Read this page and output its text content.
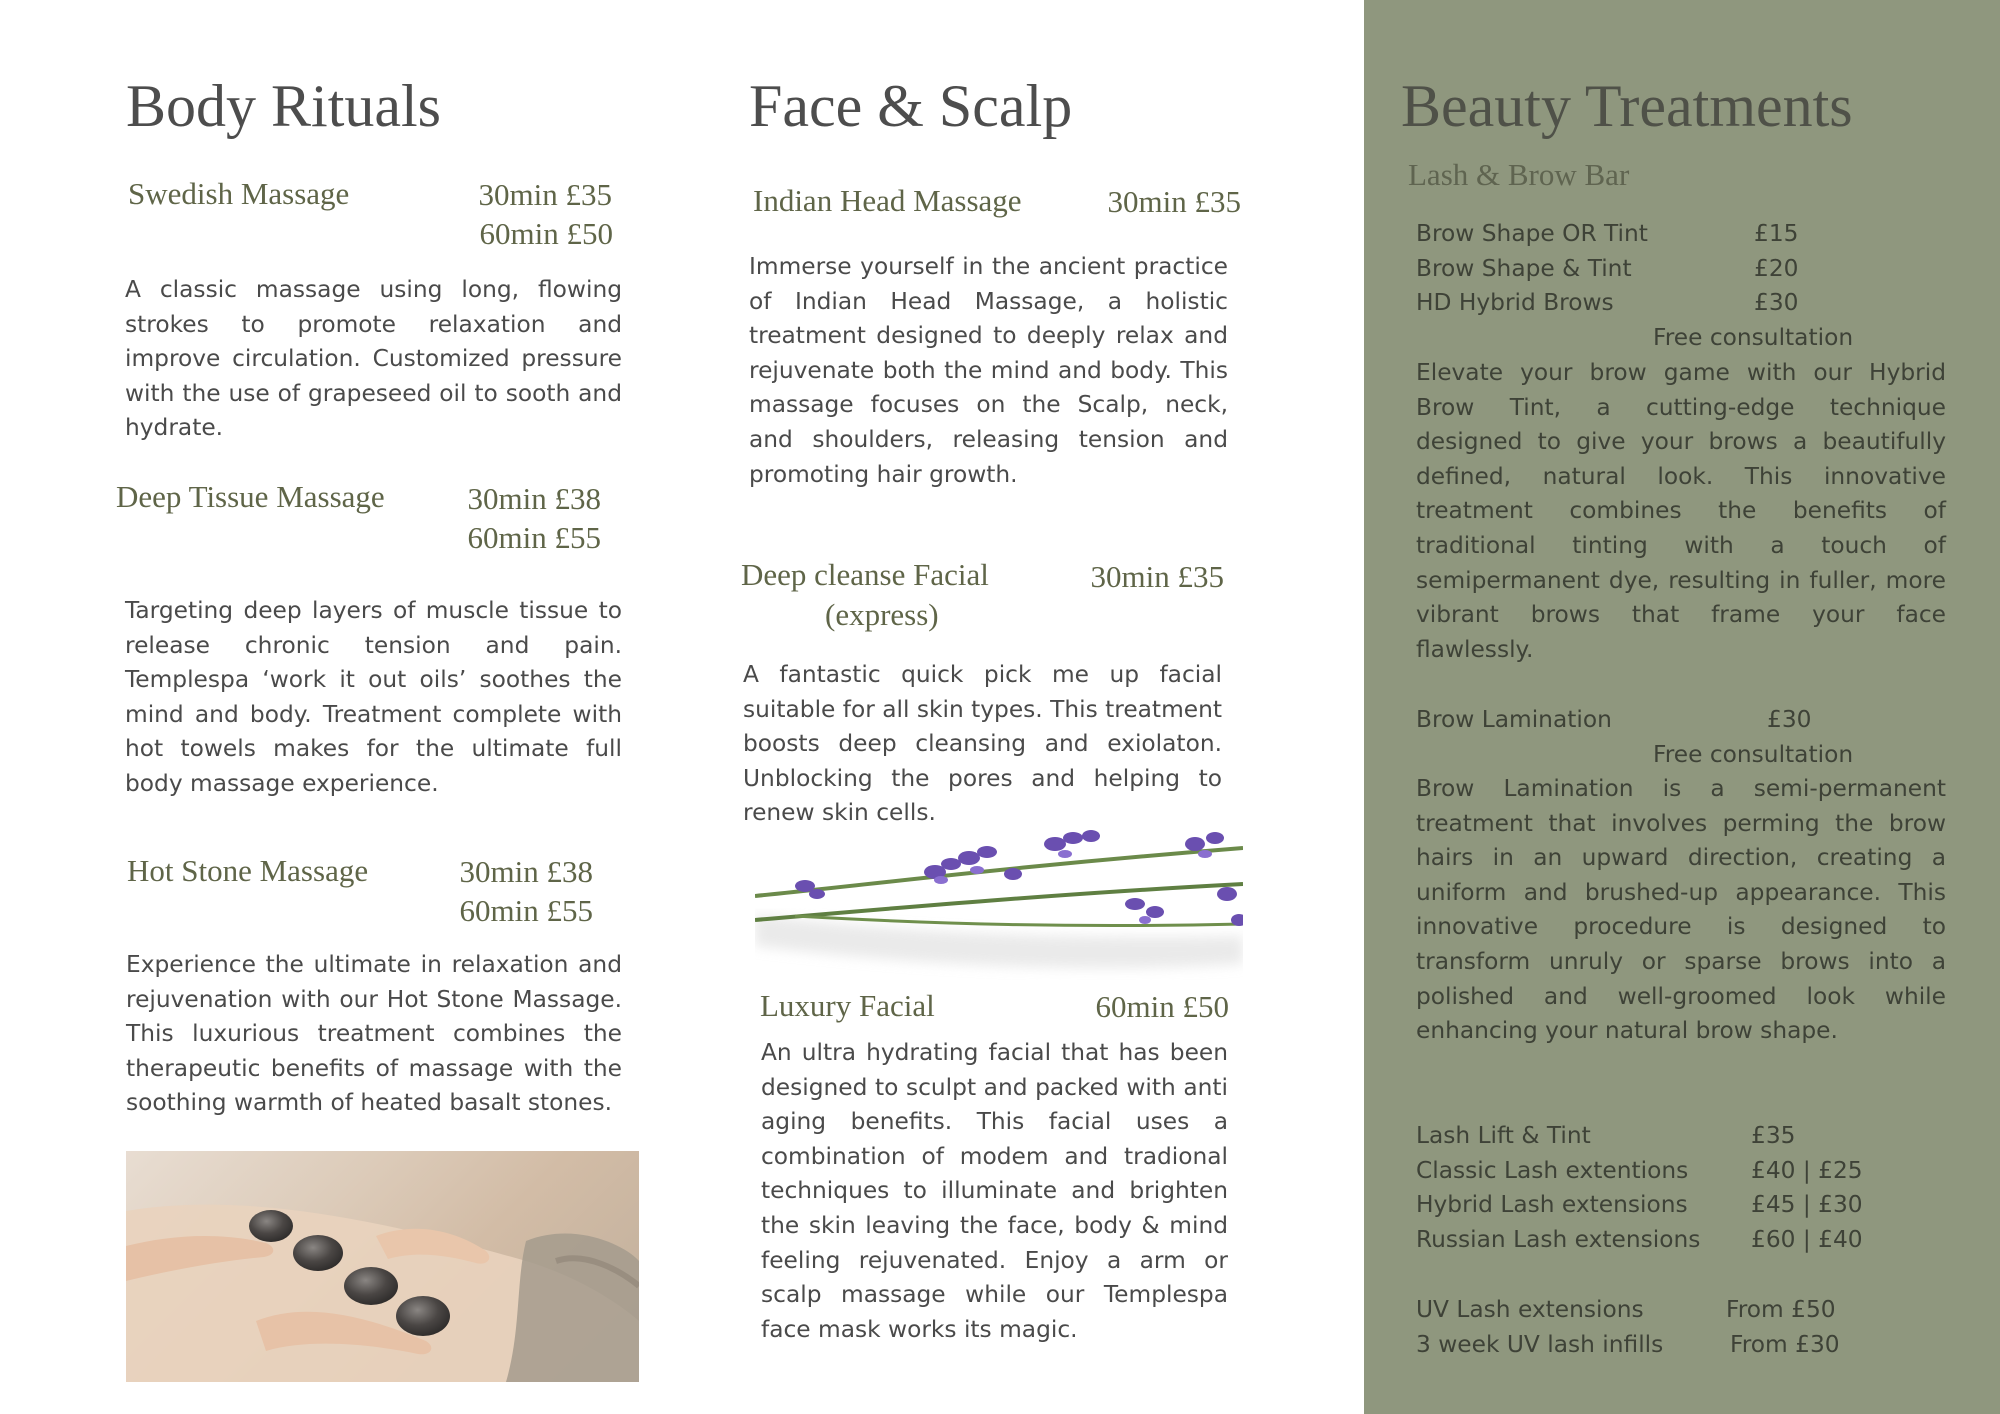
Body Rituals
Swedish Massage	30min £35
60min £50
A classic massage using long, flowing strokes to promote relaxation and improve circulation. Customized pressure with the use of grapeseed oil to sooth and hydrate.
Deep Tissue Massage	30min £38
60min £55
Targeting deep layers of muscle tissue to release chronic tension and pain. Templespa ‘work it out oils’ soothes the mind and body. Treatment complete with hot towels makes for the ultimate full body massage experience.
Hot Stone Massage	30min £38
60min £55
Experience the ultimate in relaxation and rejuvenation with our Hot Stone Massage. This luxurious treatment combines the therapeutic benefits of massage with the soothing warmth of heated basalt stones.
Face & Scalp
Indian Head Massage	30min £35
Immerse yourself in the ancient practice of Indian Head Massage, a holistic treatment designed to deeply relax and rejuvenate both the mind and body. This massage focuses on the Scalp, neck, and shoulders, releasing tension and promoting hair growth.
Deep cleanse Facial
(express)
30min £35
A fantastic quick pick me up facial suitable for all skin types. This treatment boosts deep cleansing and exiolaton. Unblocking the pores and helping to renew skin cells.
Luxury Facial	60min £50
An ultra hydrating facial that has been designed to sculpt and packed with anti aging benefits. This facial uses a combination of modem and tradional techniques to illuminate and brighten the skin leaving the face, body & mind feeling rejuvenated. Enjoy a arm or scalp massage while our Templespa face mask works its magic.
Beauty Treatments
Lash & Brow Bar
Brow Shape OR Tint	£15
Brow Shape & Tint	£20
HD Hybrid Brows	£30
Free consultation
Elevate your brow game with our Hybrid Brow Tint, a cutting-edge technique designed to give your brows a beautifully defined, natural look. This innovative treatment combines the benefits of traditional tinting with a touch of semipermanent dye, resulting in fuller, more vibrant brows that frame your face flawlessly.
Brow Lamination	£30
Free consultation
Brow Lamination is a semi-permanent treatment that involves perming the brow hairs in an upward direction, creating a uniform and brushed-up appearance. This innovative procedure is designed to transform unruly or sparse brows into a polished and well-groomed look while enhancing your natural brow shape.
Lash Lift & Tint	£35
Classic Lash extentions	£40 | £25
Hybrid Lash extensions	£45 | £30
Russian Lash extensions £60 | £40
UV Lash extensions	From £50
3 week UV lash infills	From £30
